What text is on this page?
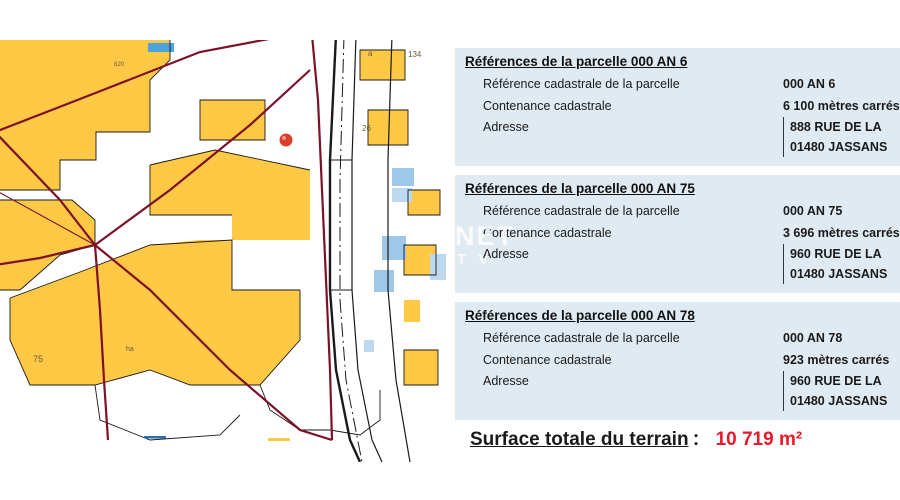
134
a
26
75
ha
820
NET
T V
Références de la parcelle 000 AN 6
Référence cadastrale de la parcelle	000 AN 6
Contenance cadastrale	6 100 mètres carrés
Adresse	888 RUE DE LA
01480 JASSANS
Références de la parcelle 000 AN 75
Référence cadastrale de la parcelle	000 AN 75
Contenance cadastrale	3 696 mètres carrés
Adresse	960 RUE DE LA
01480 JASSANS
Références de la parcelle 000 AN 78
Référence cadastrale de la parcelle	000 AN 78
Contenance cadastrale	923 mètres carrés
Adresse	960 RUE DE LA
01480 JASSANS
Surface totale du terrain ： 10 719 m²
